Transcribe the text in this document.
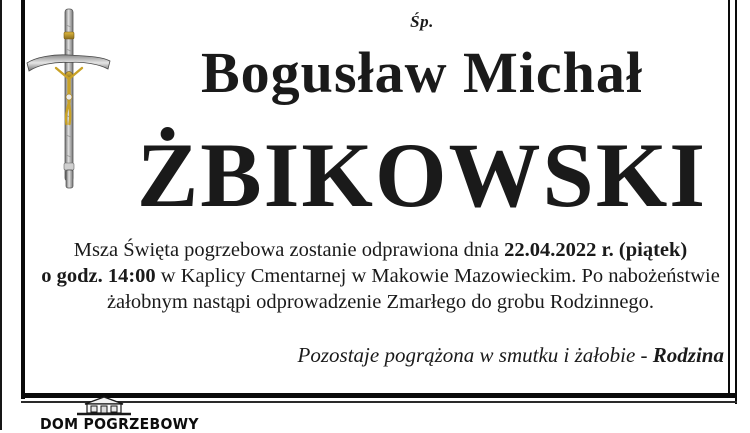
Śp.
Bogusław Michał
ŻBIKOWSKI
Msza Święta pogrzebowa zostanie odprawiona dnia 22.04.2022 r. (piątek)
o godz. 14:00 w Kaplicy Cmentarnej w Makowie Mazowieckim. Po nabożeństwie
żałobnym nastąpi odprowadzenie Zmarłego do grobu Rodzinnego.
Pozostaje pogrążona w smutku i żałobie - Rodzina
DOM POGRZEBOWY
